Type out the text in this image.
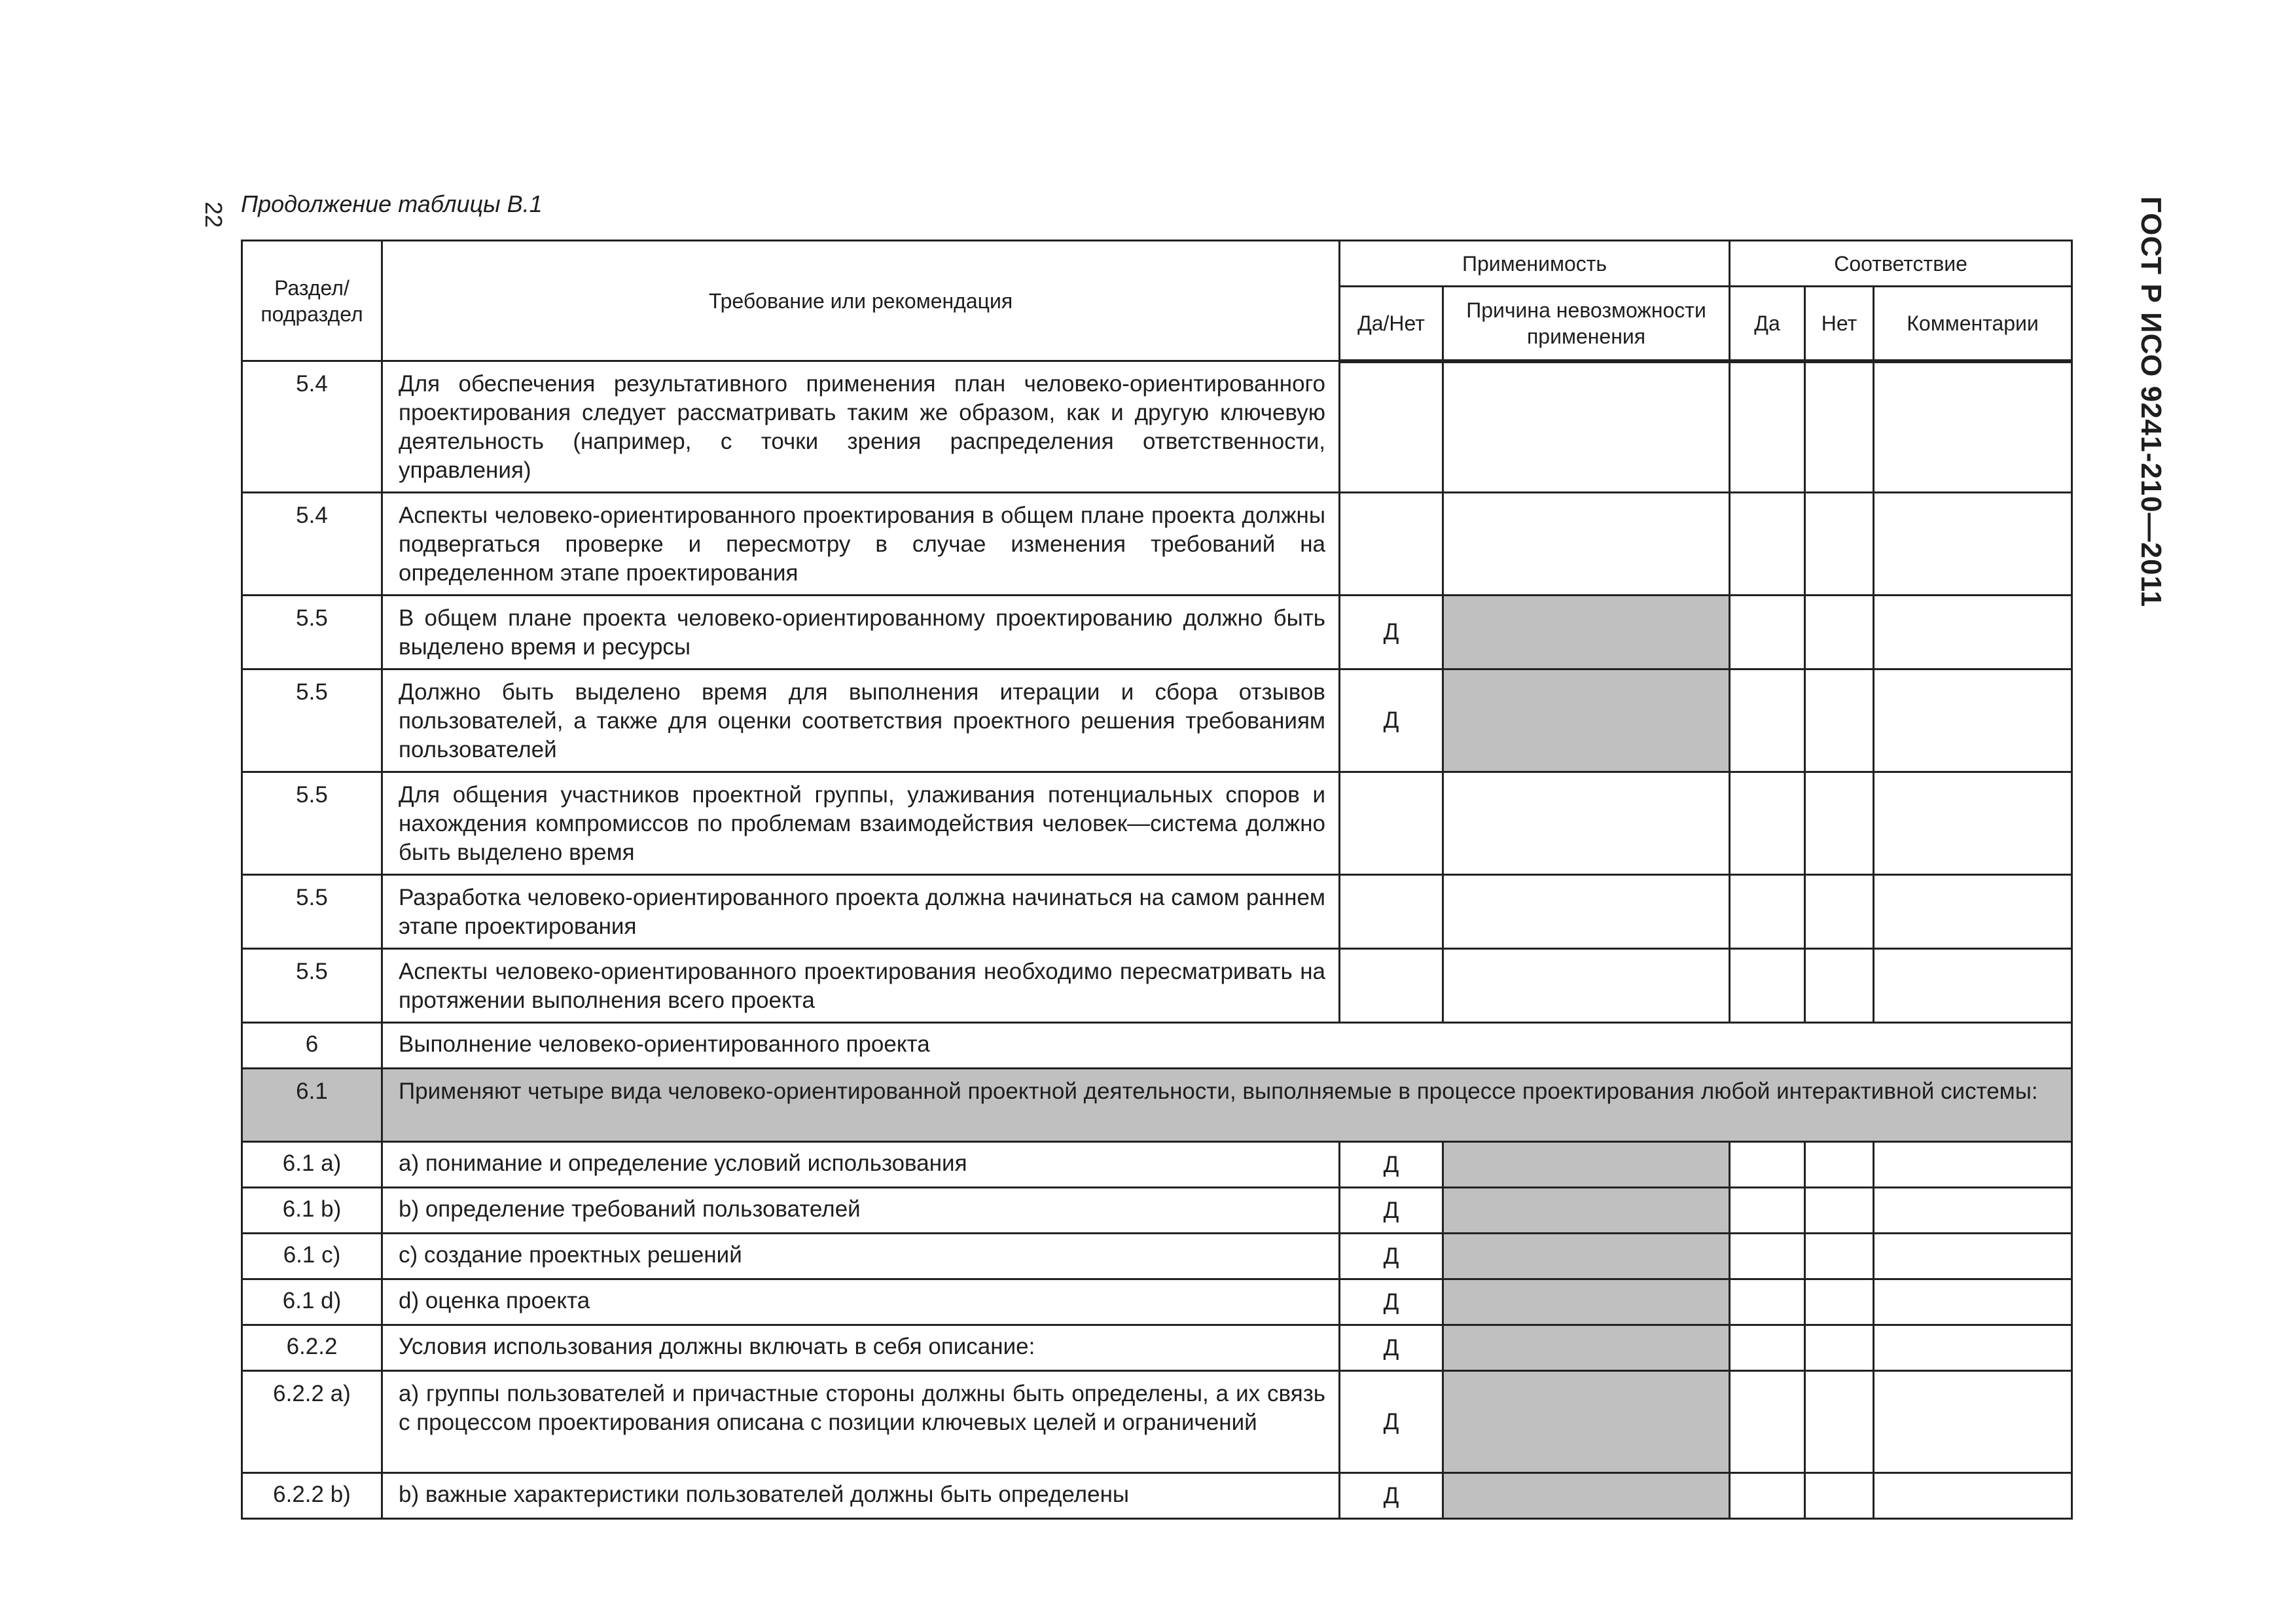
22 Продолжение таблицы В.1	ГОСТ Р ИСО 9241-210—2011
Раздел/ подраздел	Требование или рекомендация	Применимость		Соответствие		
		Да/Нет	Причина невозможности применения	Да	Нет	Комментарии
5.4	Для обеспечения результативного применения план человеко-ориентированного проектирования следует рассматривать таким же образом, как и другую ключевую деятельность (например, с точки зрения распределения ответственности, управления)					
5.4	Аспекты человеко-ориентированного проектирования в общем плане проекта должны подвергаться проверке и пересмотру в случае изменения требований на определенном этапе проектирования					
5.5	В общем плане проекта человеко-ориентированному проектированию должно быть выделено время и ресурсы	Д				
5.5	Должно быть выделено время для выполнения итерации и сбора отзывов пользователей, а также для оценки соответствия проектного решения требованиям пользователей	Д				
5.5	Для общения участников проектной группы, улаживания потенциальных споров и нахождения компромиссов по проблемам взаимодействия человек—система должно быть выделено время					
5.5	Разработка человеко-ориентированного проекта должна начинаться на самом раннем этапе проектирования					
5.5	Аспекты человеко-ориентированного проектирования необходимо пересматривать на протяжении выполнения всего проекта					
6	Выполнение человеко-ориентированного проекта					
6.1	Применяют четыре вида человеко-ориентированной проектной деятельности, выполняемые в процессе проектирования любой интерактивной системы:					
6.1 a)	a) понимание и определение условий использования	Д				
6.1 b)	b) определение требований пользователей	Д				
6.1 c)	c) создание проектных решений	Д				
6.1 d)	d) оценка проекта	Д				
6.2.2	Условия использования должны включать в себя описание:	Д				
6.2.2 a)	a) группы пользователей и причастные стороны должны быть определены, а их связь с процессом проектирования описана с позиции ключевых целей и ограничений	Д				
6.2.2 b)	b) важные характеристики пользователей должны быть определены	Д				
